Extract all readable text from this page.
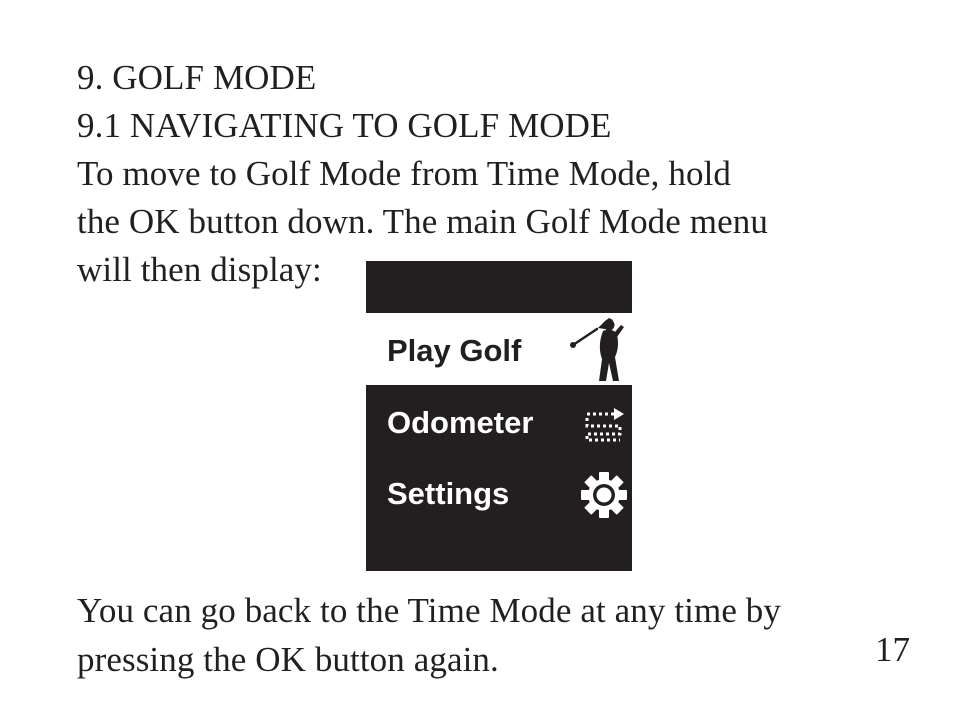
9. GOLF MODE
9.1 NAVIGATING TO GOLF MODE
To move to Golf Mode from Time Mode, hold
the OK button down. The main Golf Mode menu
will then display:
Play Golf
Odometer
Settings
You can go back to the Time Mode at any time by
pressing the OK button again.	17
